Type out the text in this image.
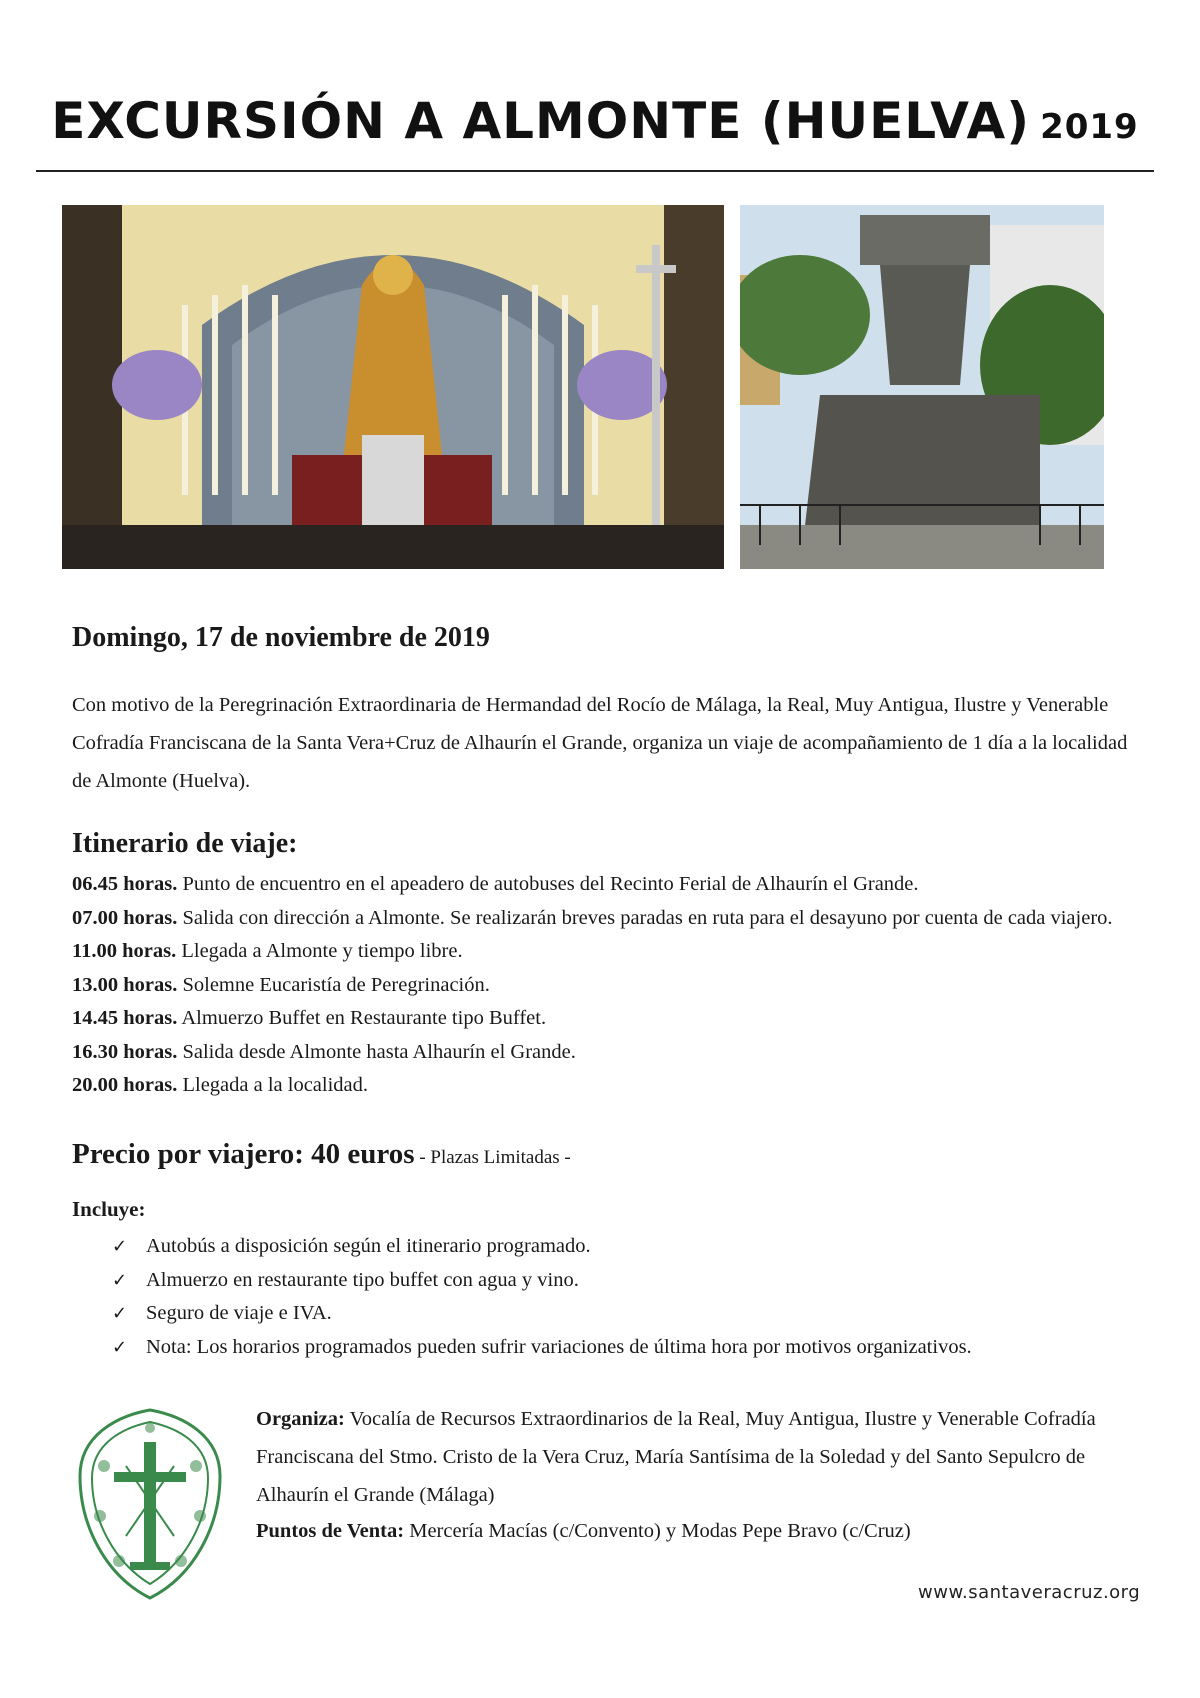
EXCURSIÓN A ALMONTE (HUELVA) 2019
Domingo, 17 de noviembre de 2019

Con motivo de la Peregrinación Extraordinaria de Hermandad del Rocío de Málaga, la Real, Muy Antigua, Ilustre y Venerable Cofradía Franciscana de la Santa Vera+Cruz de Alhaurín el Grande, organiza un viaje de acompañamiento de 1 día a la localidad de Almonte (Huelva).

Itinerario de viaje:
06.45 horas. Punto de encuentro en el apeadero de autobuses del Recinto Ferial de Alhaurín el Grande.
07.00 horas. Salida con dirección a Almonte. Se realizarán breves paradas en ruta para el desayuno por cuenta de cada viajero.
11.00 horas. Llegada a Almonte y tiempo libre.
13.00 horas. Solemne Eucaristía de Peregrinación.
14.45 horas. Almuerzo Buffet en Restaurante tipo Buffet.
16.30 horas. Salida desde Almonte hasta Alhaurín el Grande.
20.00 horas. Llegada a la localidad.

Precio por viajero: 40 euros - Plazas Limitadas -

Incluye:

✓ Autobús a disposición según el itinerario programado.
✓ Almuerzo en restaurante tipo buffet con agua y vino.
✓ Seguro de viaje e IVA.
✓ Nota: Los horarios programados pueden sufrir variaciones de última hora por motivos organizativos.

Organiza: Vocalía de Recursos Extraordinarios de la Real, Muy Antigua, Ilustre y Venerable Cofradía Franciscana del Stmo. Cristo de la Vera Cruz, María Santísima de la Soledad y del Santo Sepulcro de Alhaurín el Grande (Málaga)

Puntos de Venta: Mercería Macías (c/Convento) y Modas Pepe Bravo (c/Cruz)

www.santaveracruz.org
